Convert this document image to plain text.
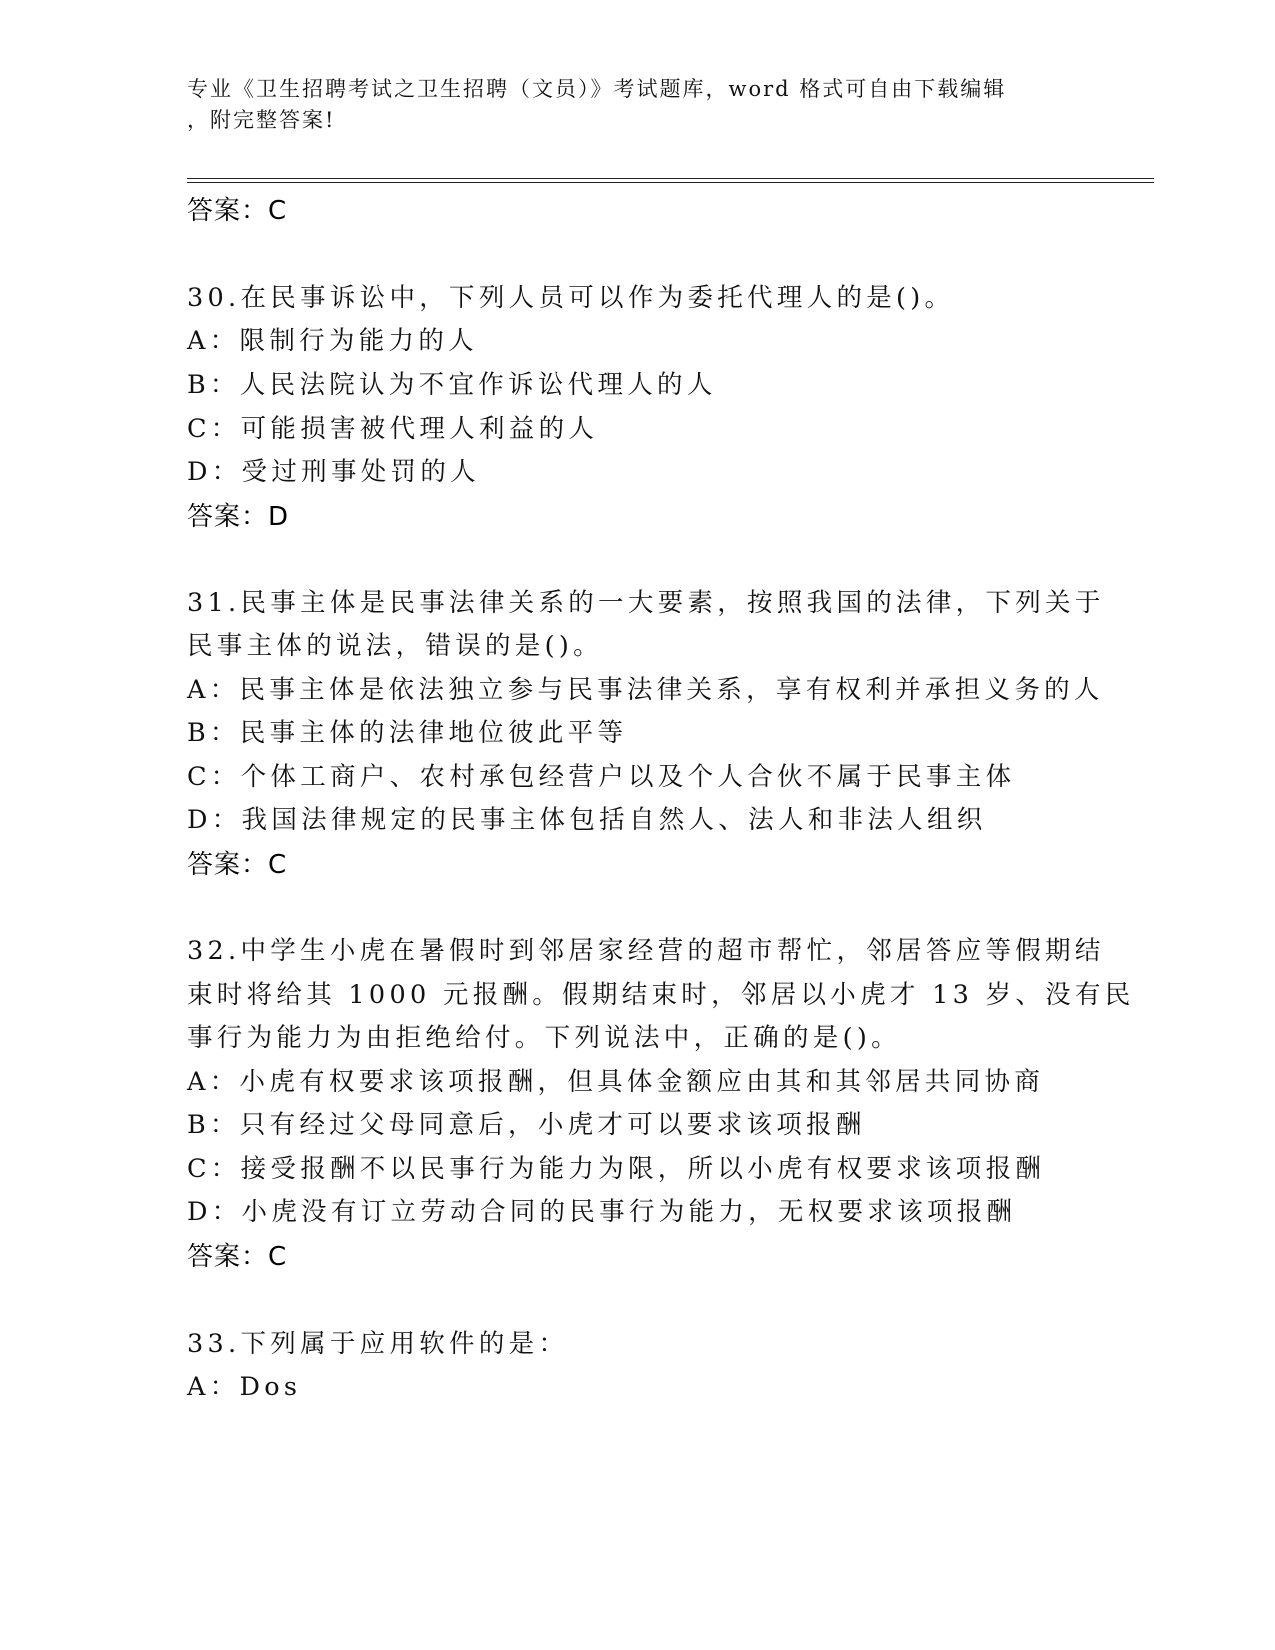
专业《卫生招聘考试之卫生招聘（文员）》考试题库，word 格式可自由下载编辑
，附完整答案!
答案：C
30.在民事诉讼中，下列人员可以作为委托代理人的是()。
A：限制行为能力的人
B：人民法院认为不宜作诉讼代理人的人
C：可能损害被代理人利益的人
D：受过刑事处罚的人
答案：D
31.民事主体是民事法律关系的一大要素，按照我国的法律，下列关于
民事主体的说法，错误的是()。
A：民事主体是依法独立参与民事法律关系，享有权利并承担义务的人
B：民事主体的法律地位彼此平等
C：个体工商户、农村承包经营户以及个人合伙不属于民事主体
D：我国法律规定的民事主体包括自然人、法人和非法人组织
答案：C
32.中学生小虎在暑假时到邻居家经营的超市帮忙，邻居答应等假期结
束时将给其 1000 元报酬。假期结束时，邻居以小虎才 13 岁、没有民
事行为能力为由拒绝给付。下列说法中，正确的是()。
A：小虎有权要求该项报酬，但具体金额应由其和其邻居共同协商
B：只有经过父母同意后，小虎才可以要求该项报酬
C：接受报酬不以民事行为能力为限，所以小虎有权要求该项报酬
D：小虎没有订立劳动合同的民事行为能力，无权要求该项报酬
答案：C
33.下列属于应用软件的是：
A：Dos
